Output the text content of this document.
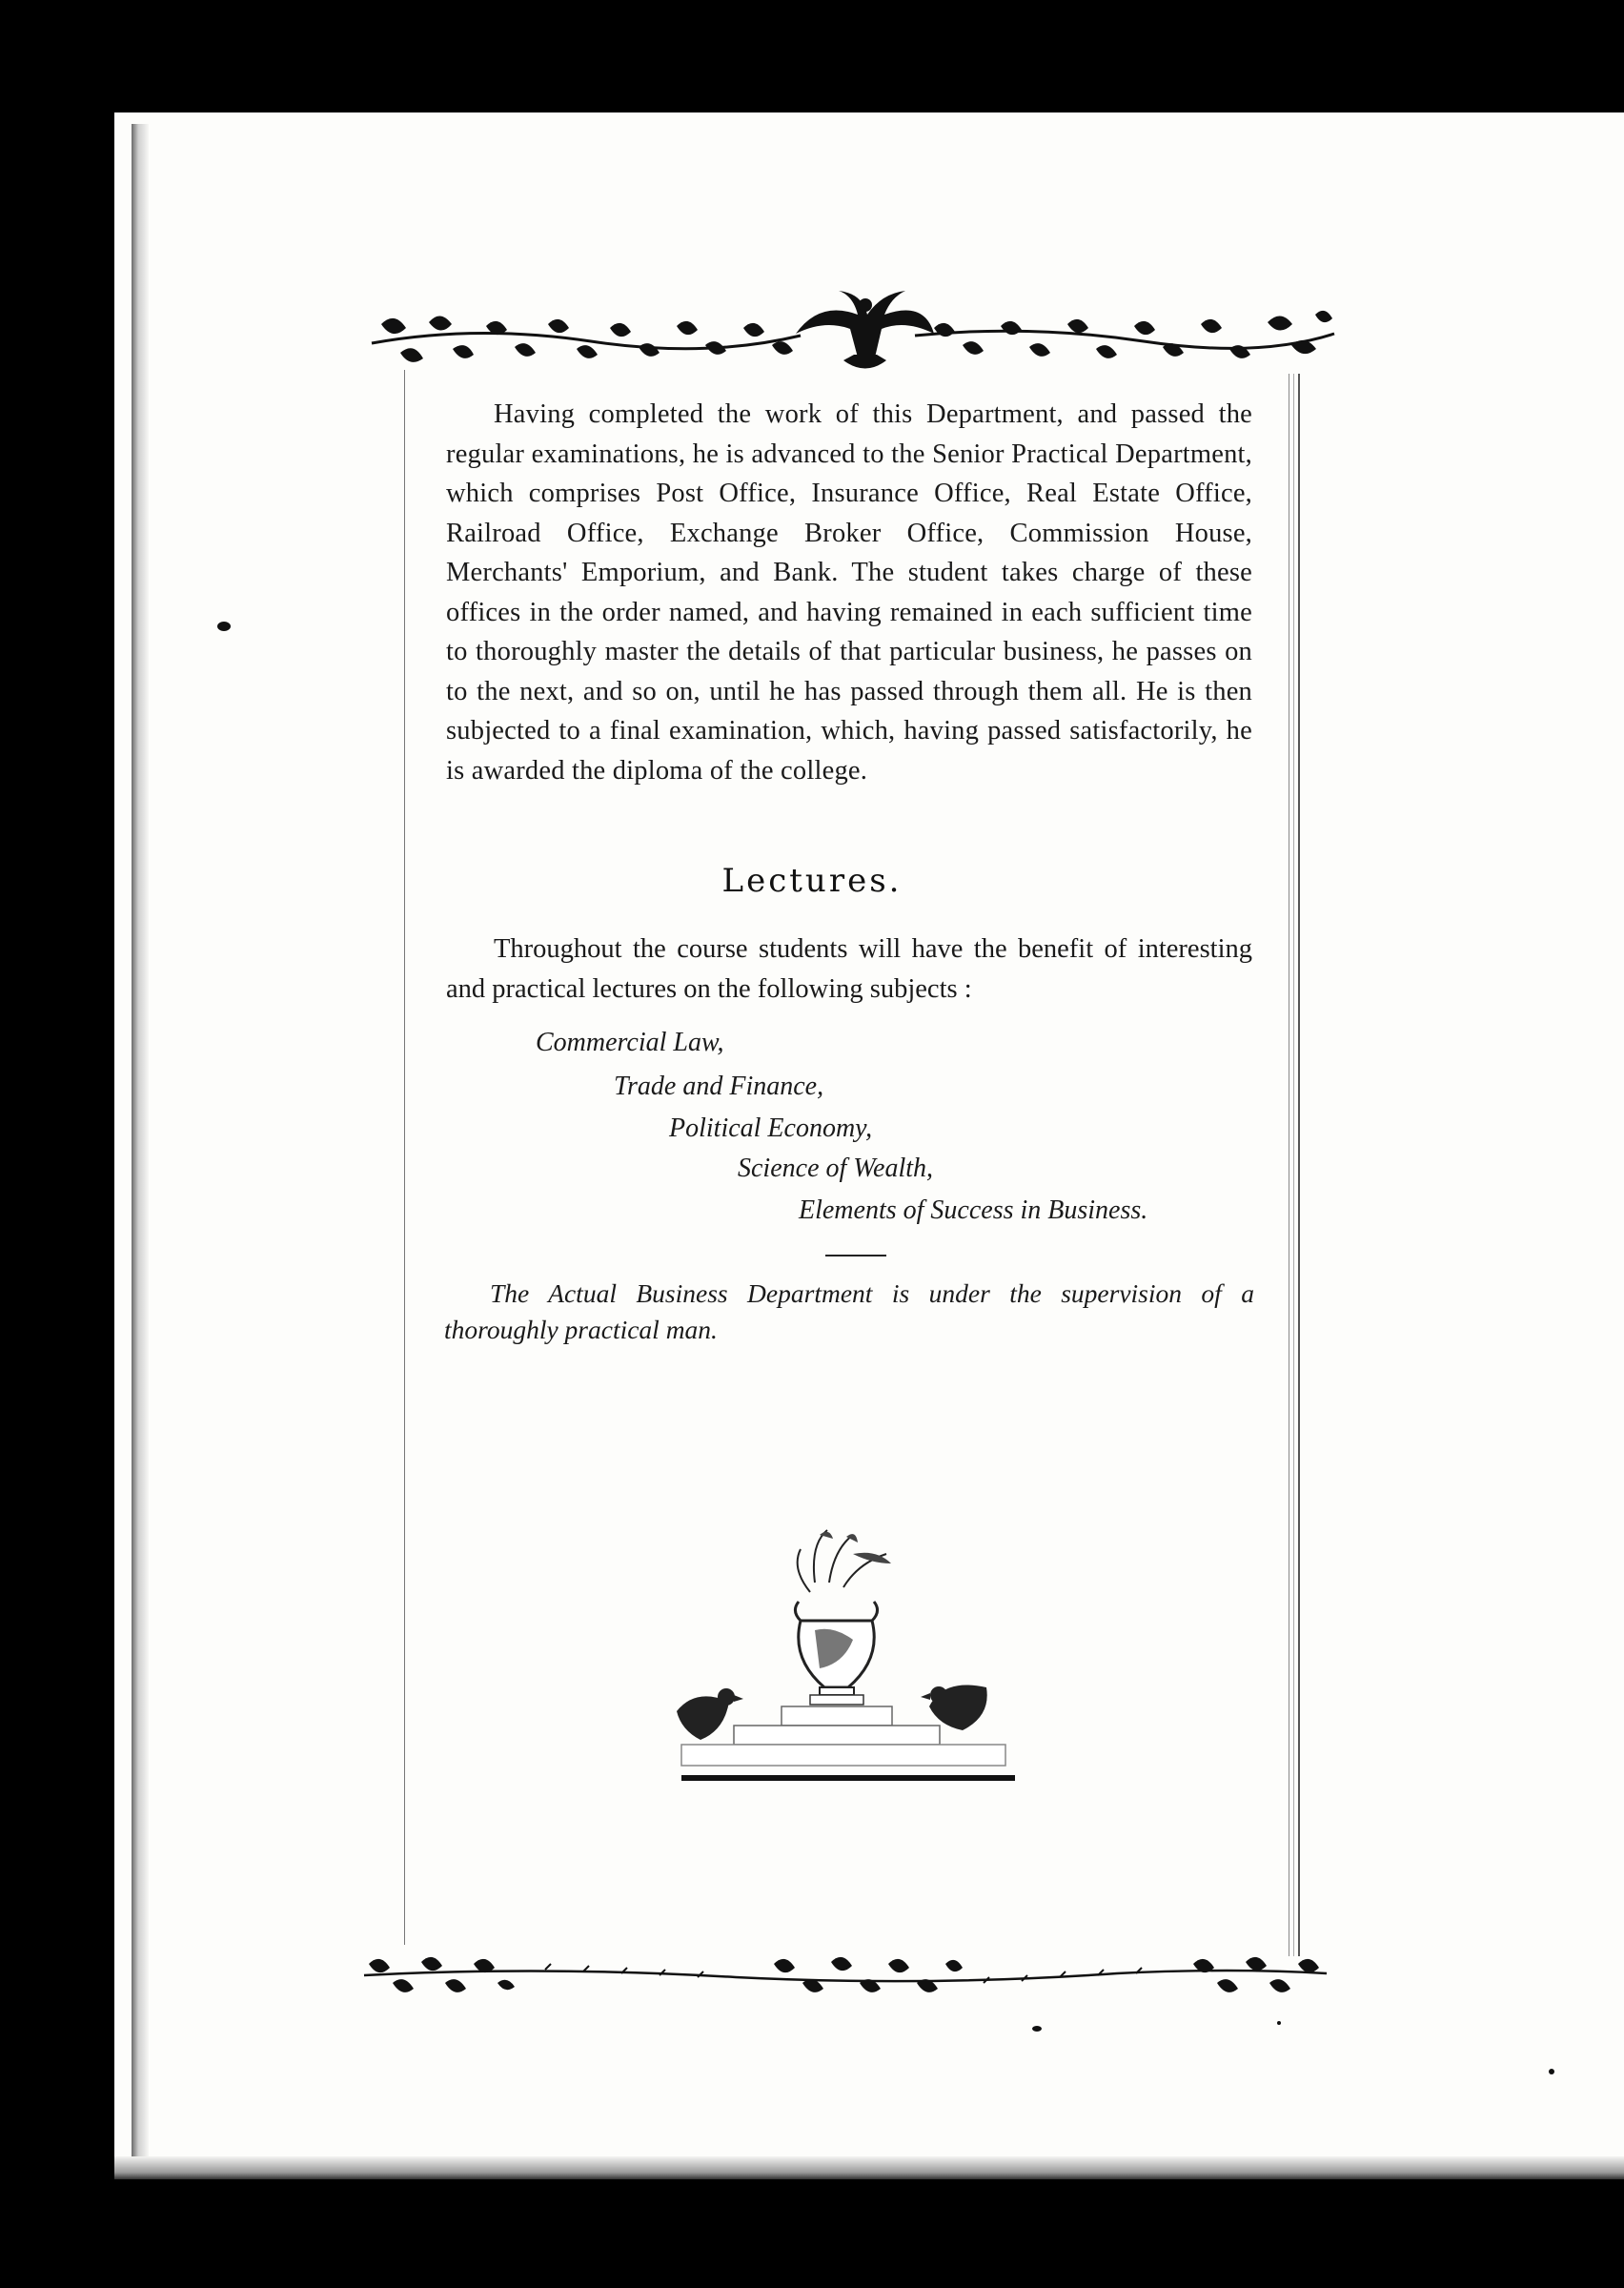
Having completed the work of this Department, and passed the regular examinations, he is advanced to the Senior Practical Department, which comprises Post Office, Insurance Office, Real Estate Office, Railroad Office, Exchange Broker Office, Commission House, Merchants' Emporium, and Bank. The student takes charge of these offices in the order named, and having remained in each sufficient time to thoroughly master the details of that particular business, he passes on to the next, and so on, until he has passed through them all. He is then subjected to a final examination, which, having passed satisfactorily, he is awarded the diploma of the college.

Lectures.
Throughout the course students will have the benefit of interesting and practical lectures on the following subjects :
Commercial Law,
Trade and Finance,
Political Economy,
Science of Wealth,
Elements of Success in Business.
The Actual Business Department is under the supervision of a thoroughly practical man.
